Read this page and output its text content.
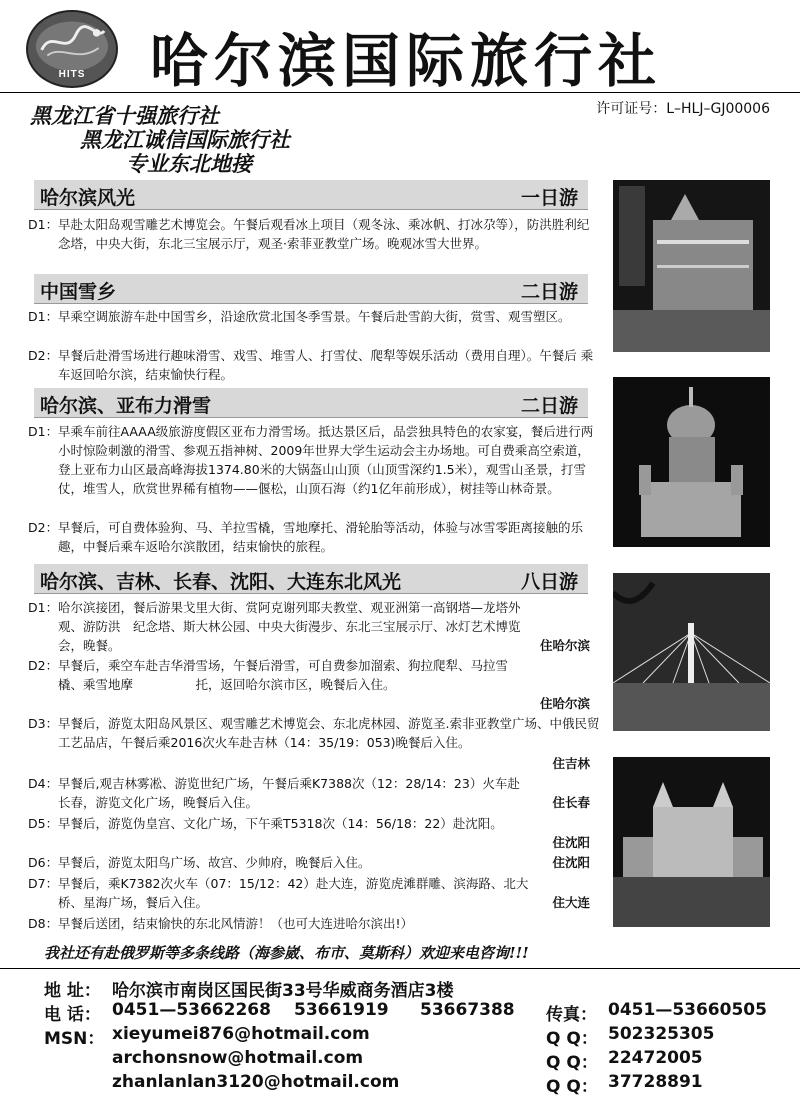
HITS	哈尔滨国际旅行社
许可证号：L–HLJ–GJ00006
黑龙江省十强旅行社
黑龙江诚信国际旅行社
专业东北地接
哈尔滨风光	一日游
D1： 早赴太阳岛观雪雕艺术博览会。午餐后观看冰上项目（观冬泳、乘冰帆、打冰尕等），防洪胜利纪念塔，中央大街，东北三宝展示厅，观圣·索菲亚教堂广场。晚观冰雪大世界。
中国雪乡	二日游
D1： 早乘空调旅游车赴中国雪乡，沿途欣赏北国冬季雪景。午餐后赴雪韵大街，赏雪、观雪塑区。
D2： 早餐后赴滑雪场进行趣味滑雪、戏雪、堆雪人、打雪仗、爬犁等娱乐活动（费用自理）。午餐后 乘车返回哈尔滨，结束愉快行程。
哈尔滨、亚布力滑雪	二日游
D1： 早乘车前往AAAA级旅游度假区亚布力滑雪场。抵达景区后，品尝独具特色的农家宴，餐后进行两小时惊险刺激的滑雪、参观五指神树、2009年世界大学生运动会主办场地。可自费乘高空索道，登上亚布力山区最高峰海拔1374.80米的大锅盔山山顶（山顶雪深约1.5米），观雪山圣景，打雪仗，堆雪人，欣赏世界稀有植物——偃松，山顶石海（约1亿年前形成），树挂等山林奇景。
D2： 早餐后，可自费体验狗、马、羊拉雪橇，雪地摩托、滑轮胎等活动，体验与冰雪零距离接触的乐趣，中餐后乘车返哈尔滨散团，结束愉快的旅程。
哈尔滨、吉林、长春、沈阳、大连东北风光	八日游
D1： 哈尔滨接团，餐后游果戈里大街、赏阿克谢列耶夫教堂、观亚洲第一高钢塔—龙塔外观、游防洪　纪念塔、斯大林公园、中央大街漫步、东北三宝展示厅、冰灯艺术博览会，晚餐。	住哈尔滨
D2： 早餐后，乘空车赴吉华滑雪场，午餐后滑雪，可自费参加溜索、狗拉爬犁、马拉雪橇、乘雪地摩　　　　　托，返回哈尔滨市区，晚餐后入住。
住哈尔滨
D3： 早餐后，游览太阳岛风景区、观雪雕艺术博览会、东北虎林园、游览圣.索非亚教堂广场、中俄民贸工艺品店，午餐后乘2016次火车赴吉林（14：35/19：053)晚餐后入住。
住吉林
D4： 早餐后,观吉林雾凇、游览世纪广场，午餐后乘K7388次（12：28/14：23）火车赴长春，游览文化广场，晚餐后入住。	住长春
D5： 早餐后，游览伪皇宫、文化广场，下午乘T5318次（14：56/18：22）赴沈阳。
住沈阳
D6： 早餐后，游览太阳鸟广场、故宫、少帅府，晚餐后入住。	住沈阳
D7： 早餐后，乘K7382次火车（07：15/12：42）赴大连，游览虎滩群雕、滨海路、北大桥、星海广场，餐后入住。	住大连
D8： 早餐后送团，结束愉快的东北风情游！（也可大连进哈尔滨出!）
我社还有赴俄罗斯等多条线路（海参崴、布市、莫斯科）欢迎来电咨询!!!
地 址： 哈尔滨市南岗区国民街33号华威商务酒店3楼
电 话： 0451—53662268 53661919 53667388 传真： 0451—53660505
MSN： xieyumei876@hotmail.com	Q Q： 502325305
archonsnow@hotmail.com	Q Q： 22472005
zhanlanlan3120@hotmail.com	Q Q： 37728891
